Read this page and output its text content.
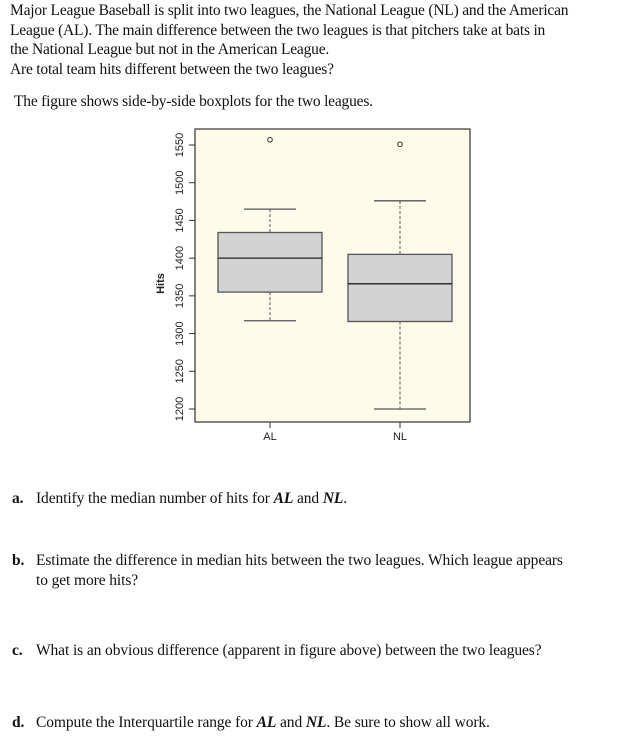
Major League Baseball is split into two leagues, the National League (NL) and the American
League (AL). The main difference between the two leagues is that pitchers take at bats in
the National League but not in the American League.
Are total team hits different between the two leagues?
The figure shows side-by-side boxplots for the two leagues.
1200
1250
1300
1350
1400
1450
1500
1550
Hits
AL	NL
a. Identify the median number of hits for AL and NL.
b. Estimate the difference in median hits between the two leagues. Which league appears
to get more hits?
c. What is an obvious difference (apparent in figure above) between the two leagues?
d. Compute the Interquartile range for AL and NL. Be sure to show all work.
